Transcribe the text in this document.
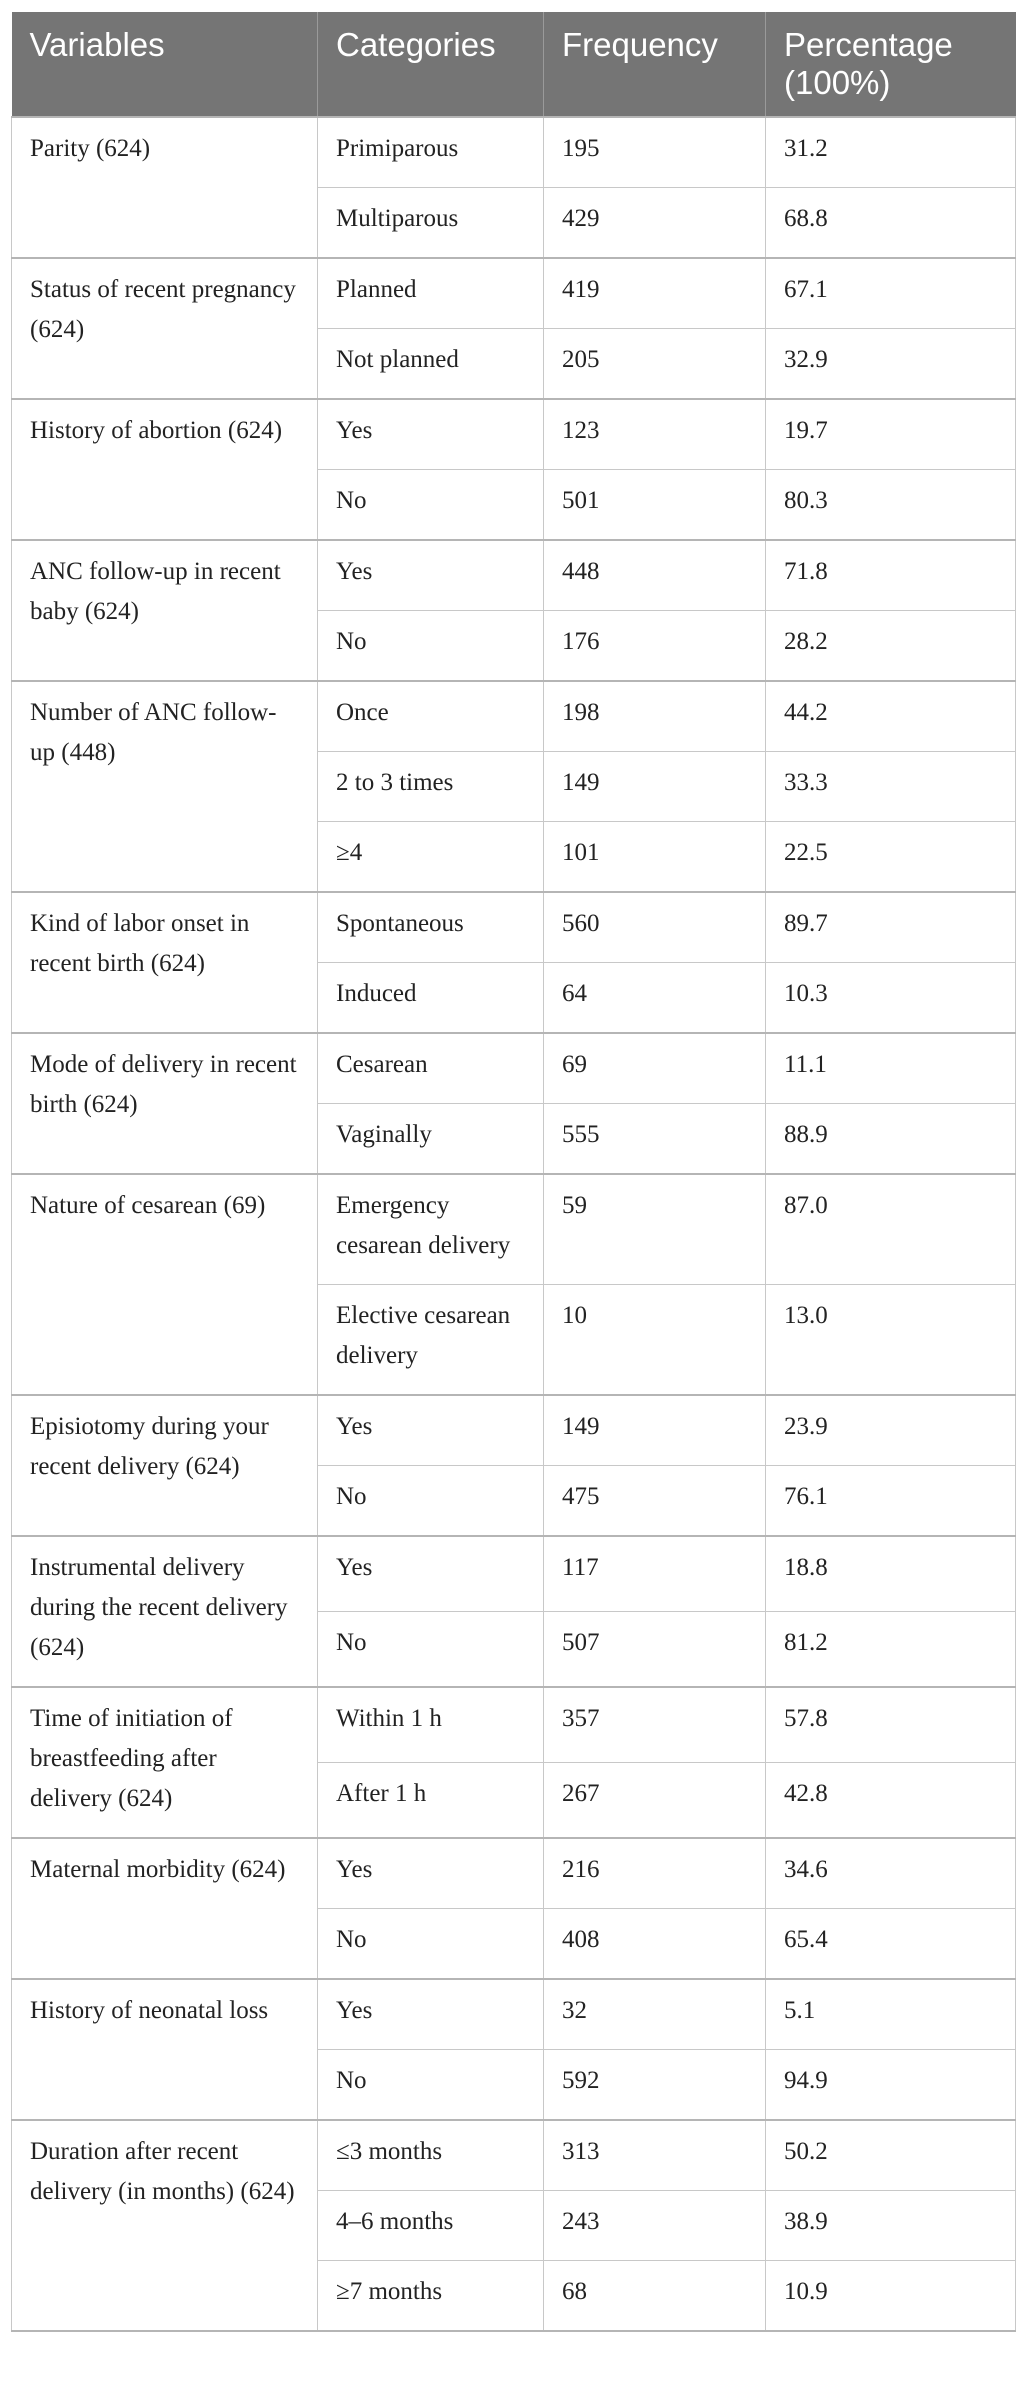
Variables	Categories	Frequency	Percentage (100%)
Parity (624)	Primiparous	195	31.2
	Multiparous	429	68.8
Status of recent pregnancy (624)	Planned	419	67.1
	Not planned	205	32.9
History of abortion (624)	Yes	123	19.7
	No	501	80.3
ANC follow-up in recent baby (624)	Yes	448	71.8
	No	176	28.2
Number of ANC follow-up (448)	Once	198	44.2
	2 to 3 times	149	33.3
	≥4	101	22.5
Kind of labor onset in recent birth (624)	Spontaneous	560	89.7
	Induced	64	10.3
Mode of delivery in recent birth (624)	Cesarean	69	11.1
	Vaginally	555	88.9
Nature of cesarean (69)	Emergency cesarean delivery	59	87.0
	Elective cesarean delivery	10	13.0
Episiotomy during your recent delivery (624)	Yes	149	23.9
	No	475	76.1
Instrumental delivery during the recent delivery (624)	Yes	117	18.8
	No	507	81.2
Time of initiation of breastfeeding after delivery (624)	Within 1 h	357	57.8
	After 1 h	267	42.8
Maternal morbidity (624)	Yes	216	34.6
	No	408	65.4
History of neonatal loss	Yes	32	5.1
	No	592	94.9
Duration after recent delivery (in months) (624)	≤3 months	313	50.2
	4–6 months	243	38.9
	≥7 months	68	10.9
